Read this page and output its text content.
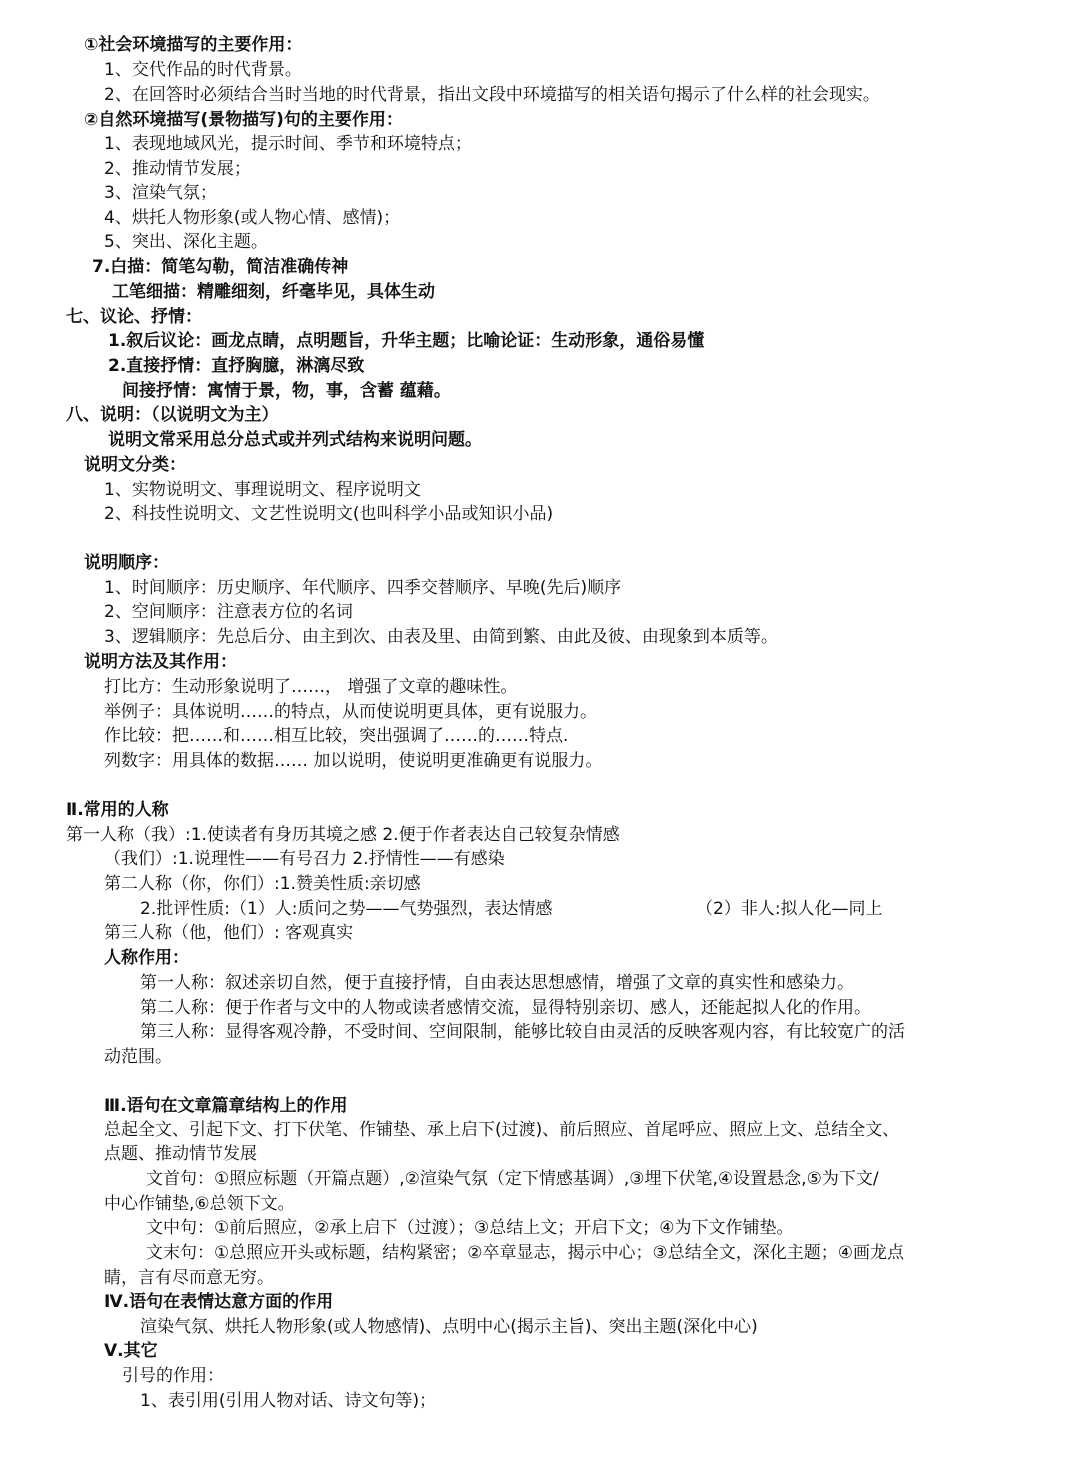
①社会环境描写的主要作用：
1、交代作品的时代背景。
2、在回答时必须结合当时当地的时代背景，指出文段中环境描写的相关语句揭示了什么样的社会现实。
②自然环境描写(景物描写)句的主要作用：
1、表现地域风光，提示时间、季节和环境特点；
2、推动情节发展；
3、渲染气氛；
4、烘托人物形象(或人物心情、感情)；
5、突出、深化主题。
7.白描：简笔勾勒，简洁准确传神
工笔细描：精雕细刻，纤毫毕见，具体生动
七、议论、抒情：
1.叙后议论：画龙点睛，点明题旨，升华主题；比喻论证：生动形象，通俗易懂
2.直接抒情：直抒胸臆，淋漓尽致
间接抒情：寓情于景，物，事，含蓄 蕴藉。
八、说明：（以说明文为主）
说明文常采用总分总式或并列式结构来说明问题。
说明文分类：
1、实物说明文、事理说明文、程序说明文
2、科技性说明文、文艺性说明文(也叫科学小品或知识小品)
说明顺序：
1、时间顺序：历史顺序、年代顺序、四季交替顺序、早晚(先后)顺序
2、空间顺序：注意表方位的名词
3、逻辑顺序：先总后分、由主到次、由表及里、由简到繁、由此及彼、由现象到本质等。
说明方法及其作用：
打比方：生动形象说明了……， 增强了文章的趣味性。
举例子：具体说明……的特点，从而使说明更具体，更有说服力。
作比较：把……和……相互比较，突出强调了……的……特点.
列数字：用具体的数据…… 加以说明，使说明更准确更有说服力。
Ⅱ.常用的人称
第一人称（我）:1.使读者有身历其境之感 2.便于作者表达自己较复杂情感
（我们）:1.说理性——有号召力 2.抒情性——有感染
第二人称（你，你们）:1.赞美性质:亲切感
2.批评性质:（1）人:质问之势——气势强烈，表达情感	（2）非人:拟人化—同上
第三人称（他，他们）: 客观真实
人称作用：
第一人称：叙述亲切自然，便于直接抒情，自由表达思想感情，增强了文章的真实性和感染力。
第二人称：便于作者与文中的人物或读者感情交流，显得特别亲切、感人，还能起拟人化的作用。
第三人称：显得客观冷静，不受时间、空间限制，能够比较自由灵活的反映客观内容，有比较宽广的活
动范围。
Ⅲ.语句在文章篇章结构上的作用
总起全文、引起下文、打下伏笔、作铺垫、承上启下(过渡)、前后照应、首尾呼应、照应上文、总结全文、
点题、推动情节发展
文首句：①照应标题（开篇点题）,②渲染气氛（定下情感基调）,③埋下伏笔,④设置悬念,⑤为下文/
中心作铺垫,⑥总领下文。
文中句：①前后照应，②承上启下（过渡）；③总结上文；开启下文；④为下文作铺垫。
文末句：①总照应开头或标题，结构紧密；②卒章显志，揭示中心；③总结全文，深化主题；④画龙点
睛，言有尽而意无穷。
Ⅳ.语句在表情达意方面的作用
渲染气氛、烘托人物形象(或人物感情)、点明中心(揭示主旨)、突出主题(深化中心)
Ⅴ.其它
引号的作用：
1、表引用(引用人物对话、诗文句等)；
